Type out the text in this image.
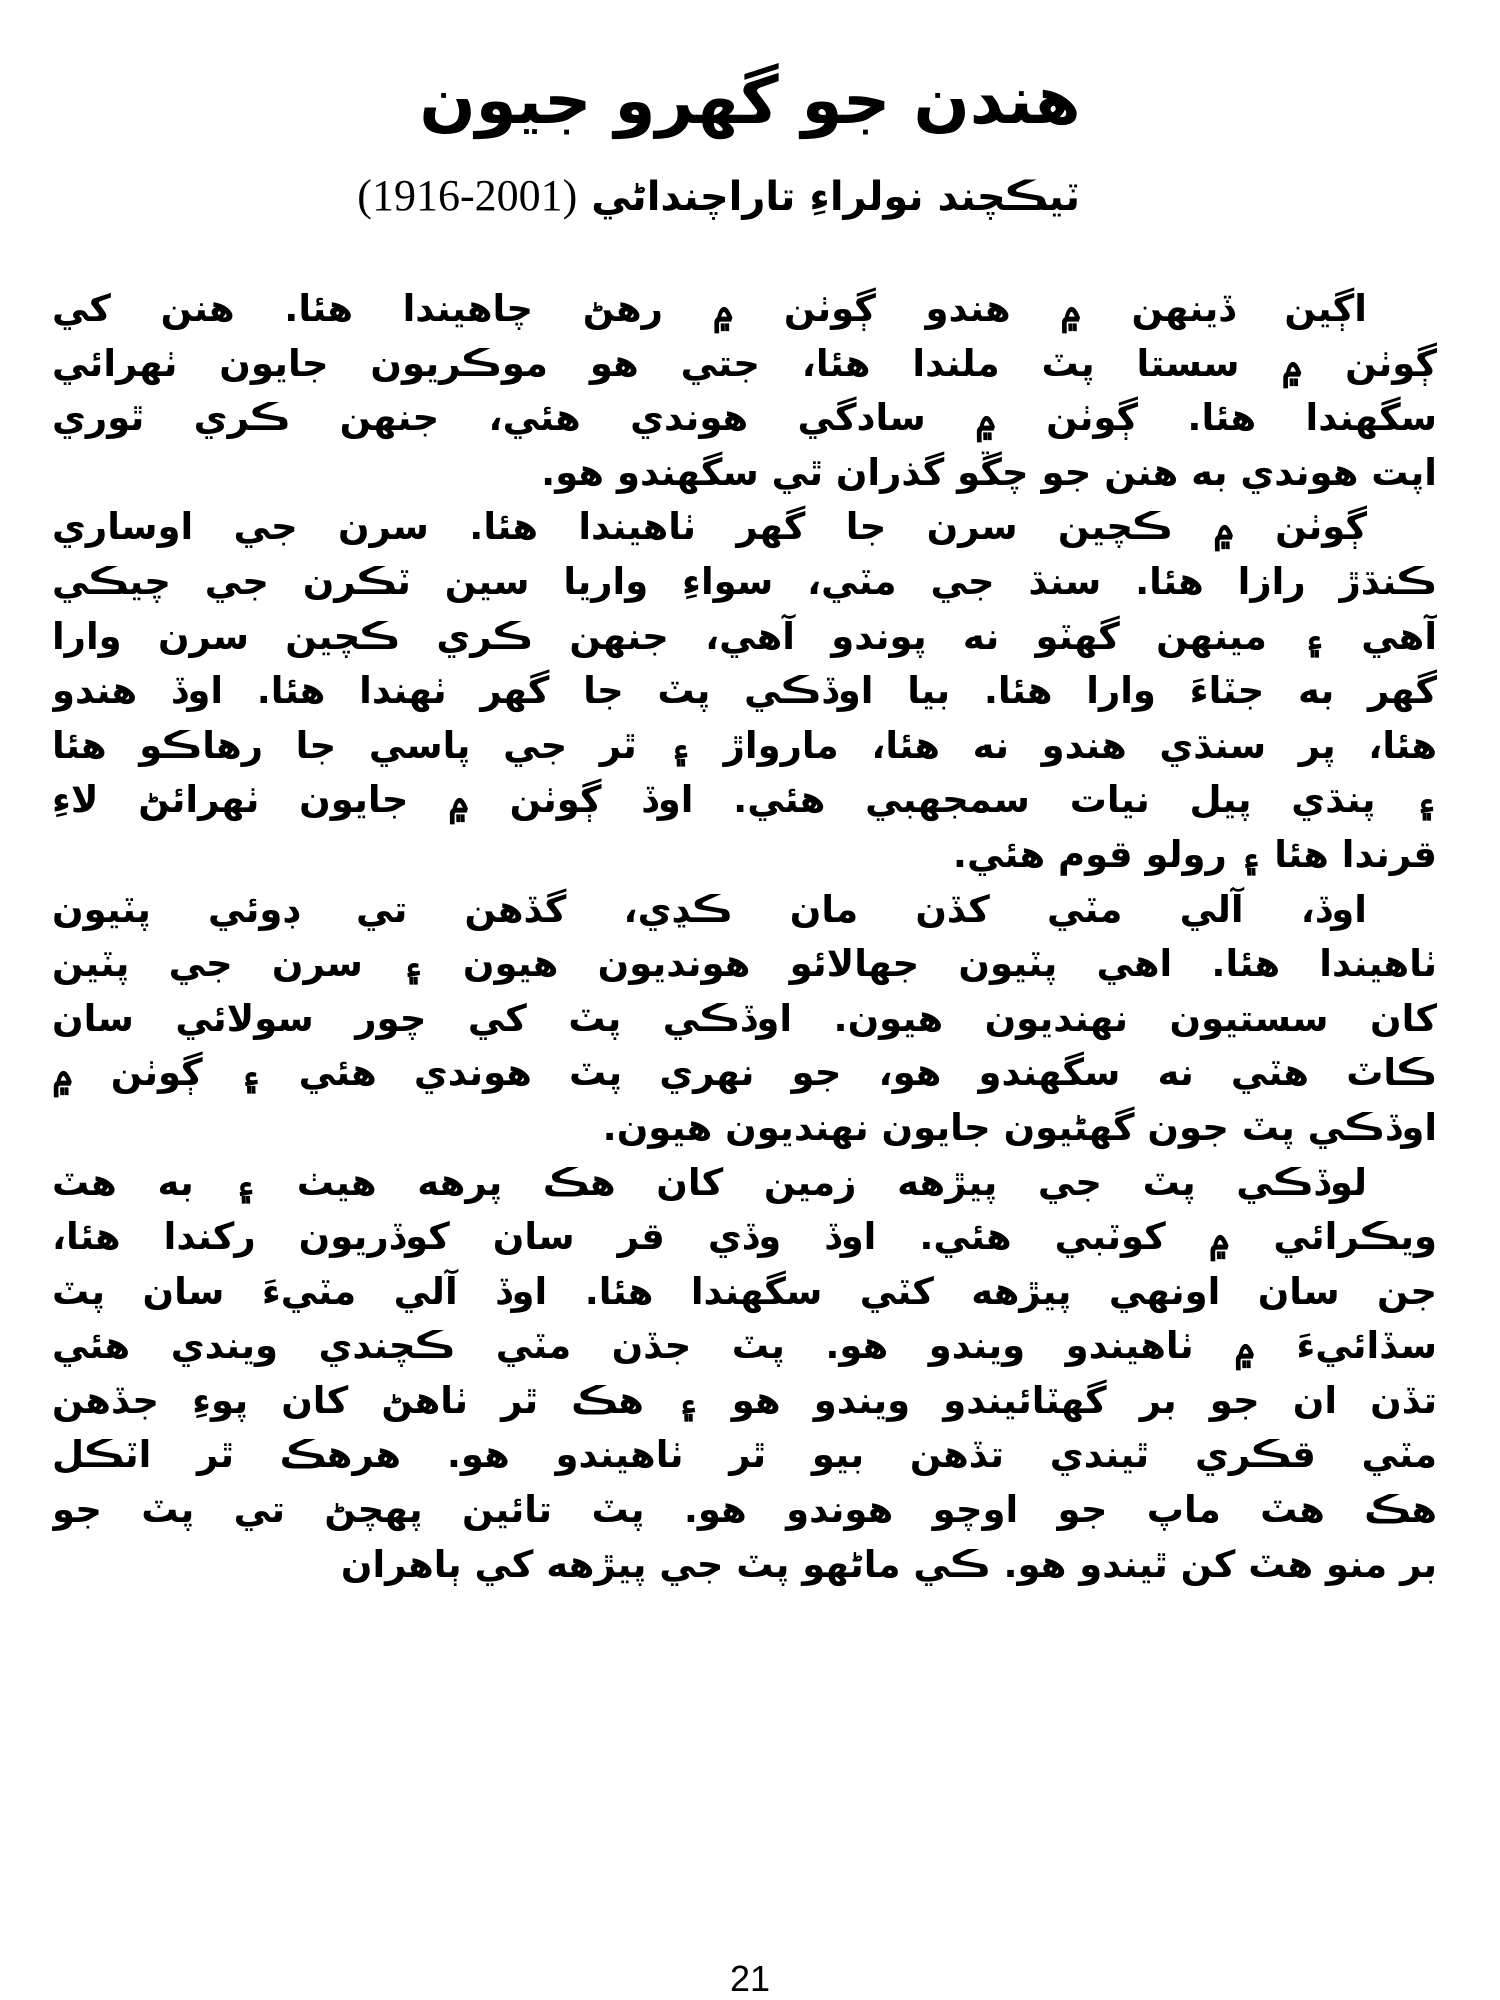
هندن جو گھرو جيون
ٽيڪچند نولراءِ تاراچنداڻي (2001-1916)
اڳين ڏينهن ۾ هندو ڳوٺن ۾ رهڻ چاهيندا هئا. هنن کي
ڳوٺن ۾ سستا پٽ ملندا هئا، جتي هو موڪريون جايون ٺهرائي
سگهندا هئا. ڳوٺن ۾ سادگي هوندي هئي، جنهن ڪري ٿوري
اپت هوندي به هنن جو چڱو گذران ٿي سگهندو هو.
ڳوٺن ۾ ڪچين سرن جا گهر ٺاهيندا هئا. سرن جي اوساري
ڪنڌڙ رازا هئا. سنڌ جي مٽي، سواءِ واريا سين ٽڪرن جي چيڪي
آهي ۽ مينهن گهٽو نه پوندو آهي، جنهن ڪري ڪچين سرن وارا
گهر به جٽاءَ وارا هئا. بيا اوڏڪي پٽ جا گهر ٺهندا هئا. اوڏ هندو
هئا، پر سنڌي هندو نه هئا، مارواڙ ۽ ٿر جي پاسي جا رهاڪو هئا
۽ پنڌي پيل نيات سمجهبي هئي. اوڏ ڳوٺن ۾ جايون ٺهرائڻ لاءِ
قرندا هئا ۽ رولو قوم هئي.
اوڏ، آلي مٽي کڏن مان ڪڍي، گڏهن تي ڊوئي پٽيون
ٺاهيندا هئا. اهي پٽيون جهالائو هونديون هيون ۽ سرن جي پٽين
کان سستيون نهنديون هيون. اوڏڪي پٽ کي چور سولائي سان
ڪاٽ هٽي نه سگهندو هو، جو نهري پٽ هوندي هئي ۽ ڳوٺن ۾
اوڏڪي پٽ جون گهڻيون جايون نهنديون هيون.
لوڏڪي پٽ جي پيڙهه زمين کان هڪ پرهه هيٺ ۽ به هٽ
ويڪرائي ۾ کوٽبي هئي. اوڏ وڏي قر سان کوڏريون رکندا هئا،
جن سان اونهي پيڙهه کٽي سگهندا هئا. اوڏ آلي مٽيءَ سان پٽ
سڏائيءَ ۾ ٺاهيندو ويندو هو. پٽ جڏن مٽي ڪچندي ويندي هئي
تڏن ان جو بر گهٽائيندو ويندو هو ۽ هڪ ٿر ٺاهڻ کان پوءِ جڏهن
مٽي قڪري ٿيندي تڏهن بيو ٿر ٺاهيندو هو. هرهڪ ٿر اٽڪل
هڪ هٽ ماپ جو اوچو هوندو هو. پٽ تائين پهچڻ تي پٽ جو
بر منو هٽ کن ٿيندو هو. ڪي ماڻهو پٽ جي پيڙهه کي ٻاهران
21
